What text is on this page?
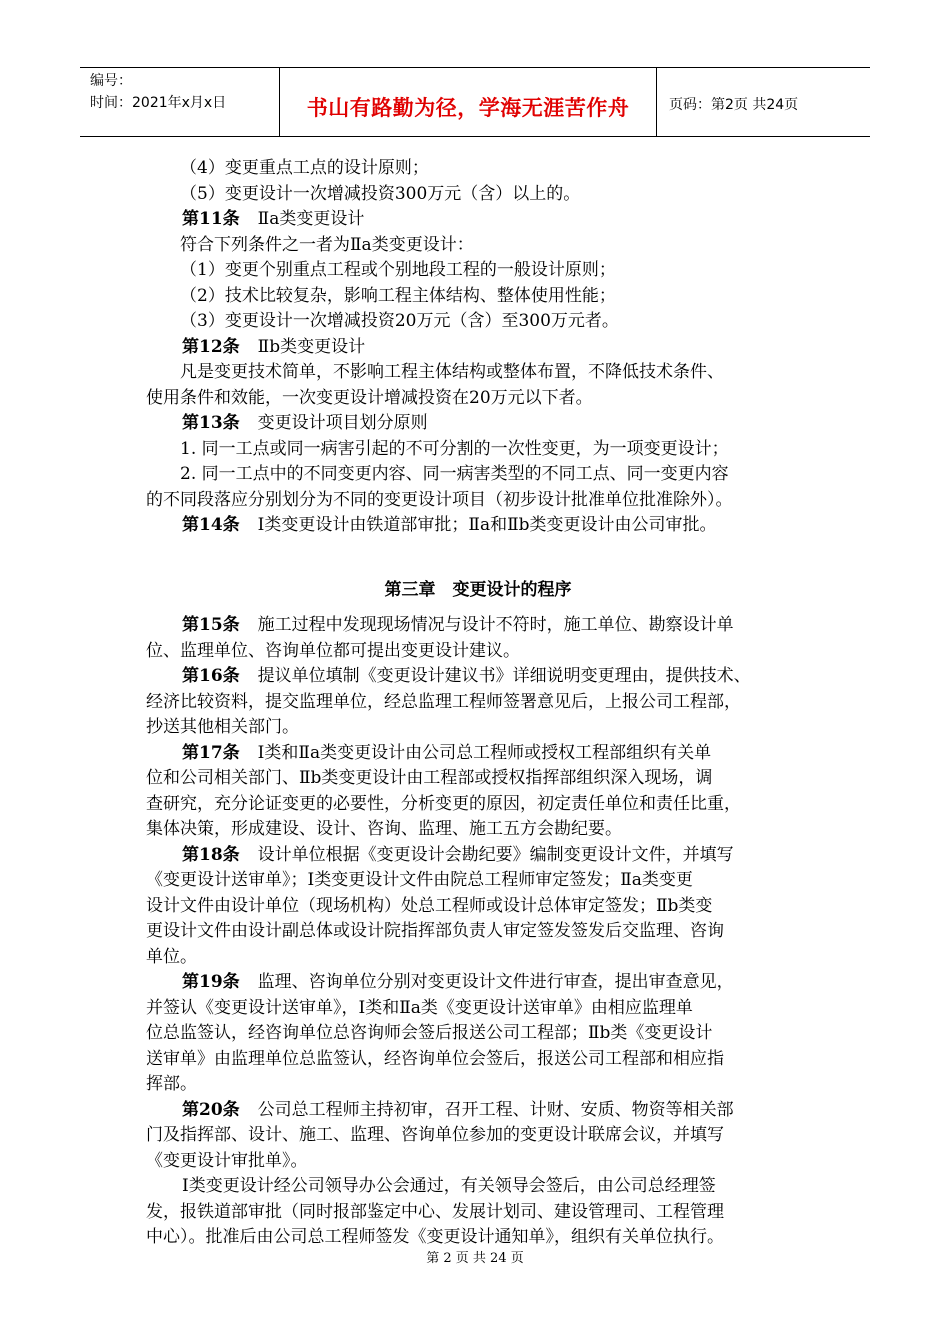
编号：
时间：2021年x月x日	书山有路勤为径，学海无涯苦作舟	页码：第2页 共24页
（4）变更重点工点的设计原则；
（5）变更设计一次增减投资300万元（含）以上的。
第11条 Ⅱa类变更设计
符合下列条件之一者为Ⅱa类变更设计：
（1）变更个别重点工程或个别地段工程的一般设计原则；
（2）技术比较复杂，影响工程主体结构、整体使用性能；
（3）变更设计一次增减投资20万元（含）至300万元者。
第12条 Ⅱb类变更设计
凡是变更技术简单，不影响工程主体结构或整体布置，不降低技术条件、
使用条件和效能，一次变更设计增减投资在20万元以下者。
第13条 变更设计项目划分原则
1. 同一工点或同一病害引起的不可分割的一次性变更，为一项变更设计；
2. 同一工点中的不同变更内容、同一病害类型的不同工点、同一变更内容
的不同段落应分别划分为不同的变更设计项目（初步设计批准单位批准除外）。
第14条 Ⅰ类变更设计由铁道部审批；Ⅱa和Ⅱb类变更设计由公司审批。
第三章　变更设计的程序
第15条 施工过程中发现现场情况与设计不符时，施工单位、勘察设计单
位、监理单位、咨询单位都可提出变更设计建议。
第16条 提议单位填制《变更设计建议书》详细说明变更理由，提供技术、
经济比较资料，提交监理单位，经总监理工程师签署意见后，上报公司工程部，
抄送其他相关部门。
第17条 Ⅰ类和Ⅱa类变更设计由公司总工程师或授权工程部组织有关单
位和公司相关部门、Ⅱb类变更设计由工程部或授权指挥部组织深入现场，调
查研究，充分论证变更的必要性，分析变更的原因，初定责任单位和责任比重，
集体决策，形成建设、设计、咨询、监理、施工五方会勘纪要。
第18条 设计单位根据《变更设计会勘纪要》编制变更设计文件，并填写
《变更设计送审单》；Ⅰ类变更设计文件由院总工程师审定签发；Ⅱa类变更
设计文件由设计单位（现场机构）处总工程师或设计总体审定签发；Ⅱb类变
更设计文件由设计副总体或设计院指挥部负责人审定签发签发后交监理、咨询
单位。
第19条 监理、咨询单位分别对变更设计文件进行审查，提出审查意见，
并签认《变更设计送审单》，Ⅰ类和Ⅱa类《变更设计送审单》由相应监理单
位总监签认，经咨询单位总咨询师会签后报送公司工程部；Ⅱb类《变更设计
送审单》由监理单位总监签认，经咨询单位会签后，报送公司工程部和相应指
挥部。
第20条 公司总工程师主持初审，召开工程、计财、安质、物资等相关部
门及指挥部、设计、施工、监理、咨询单位参加的变更设计联席会议，并填写
《变更设计审批单》。
Ⅰ类变更设计经公司领导办公会通过，有关领导会签后，由公司总经理签
发，报铁道部审批（同时报部鉴定中心、发展计划司、建设管理司、工程管理
中心）。批准后由公司总工程师签发《变更设计通知单》，组织有关单位执行。
第 2 页 共 24 页
